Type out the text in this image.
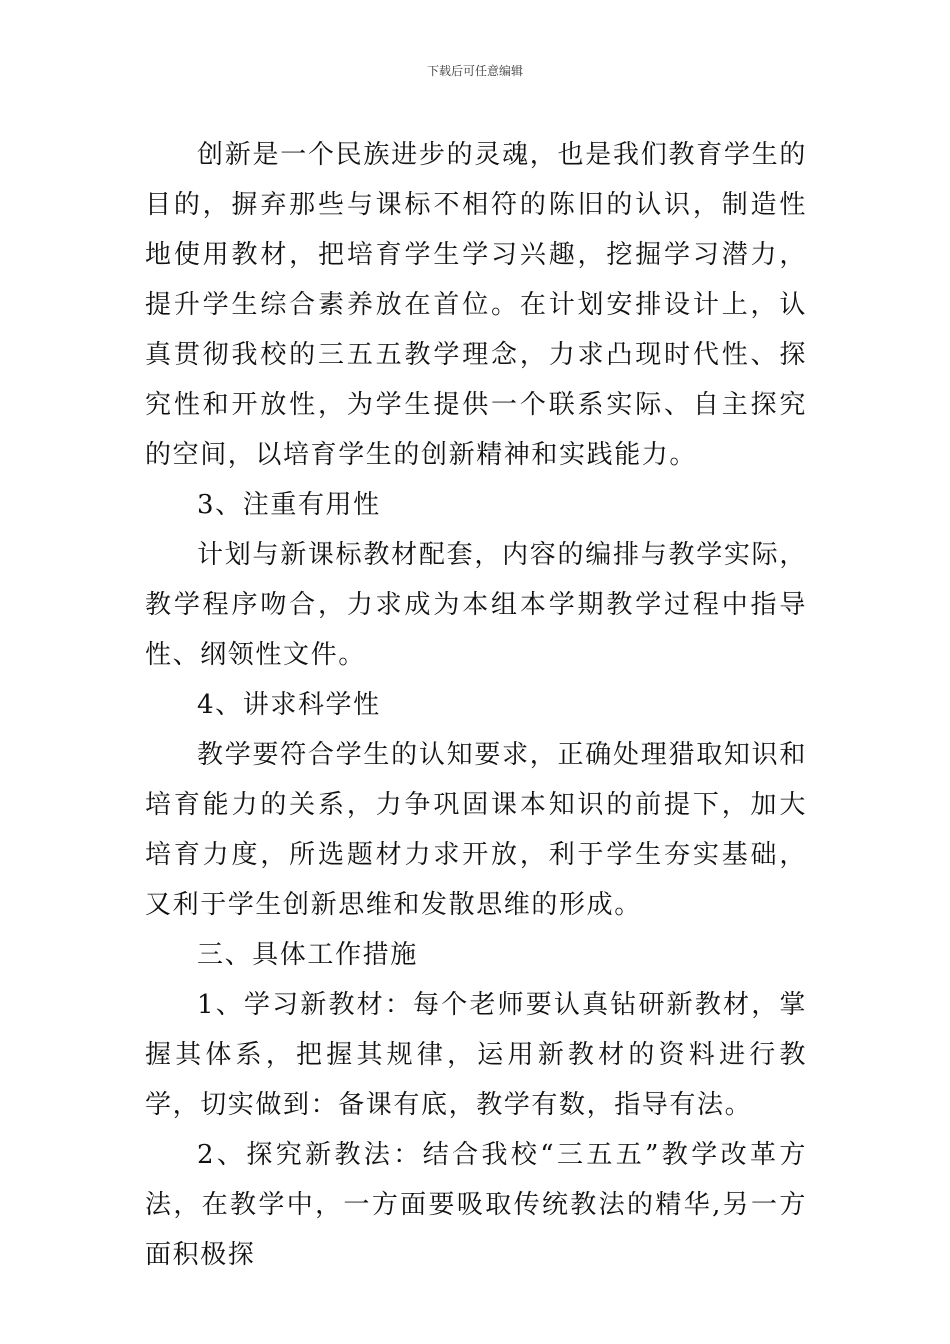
下载后可任意编辑

创新是一个民族进步的灵魂，也是我们教育学生的目的，摒弃那些与课标不相符的陈旧的认识，制造性地使用教材，把培育学生学习兴趣，挖掘学习潜力，提升学生综合素养放在首位。在计划安排设计上，认真贯彻我校的三五五教学理念，力求凸现时代性、探究性和开放性，为学生提供一个联系实际、自主探究的空间，以培育学生的创新精神和实践能力。

3、注重有用性

计划与新课标教材配套，内容的编排与教学实际，教学程序吻合，力求成为本组本学期教学过程中指导性、纲领性文件。

4、讲求科学性

教学要符合学生的认知要求，正确处理猎取知识和培育能力的关系，力争巩固课本知识的前提下，加大培育力度，所选题材力求开放，利于学生夯实基础，又利于学生创新思维和发散思维的形成。

三、具体工作措施

1、学习新教材：每个老师要认真钻研新教材，掌握其体系，把握其规律，运用新教材的资料进行教学，切实做到：备课有底，教学有数，指导有法。

2、探究新教法：结合我校“三五五”教学改革方法，在教学中，一方面要吸取传统教法的精华,另一方面积极探
